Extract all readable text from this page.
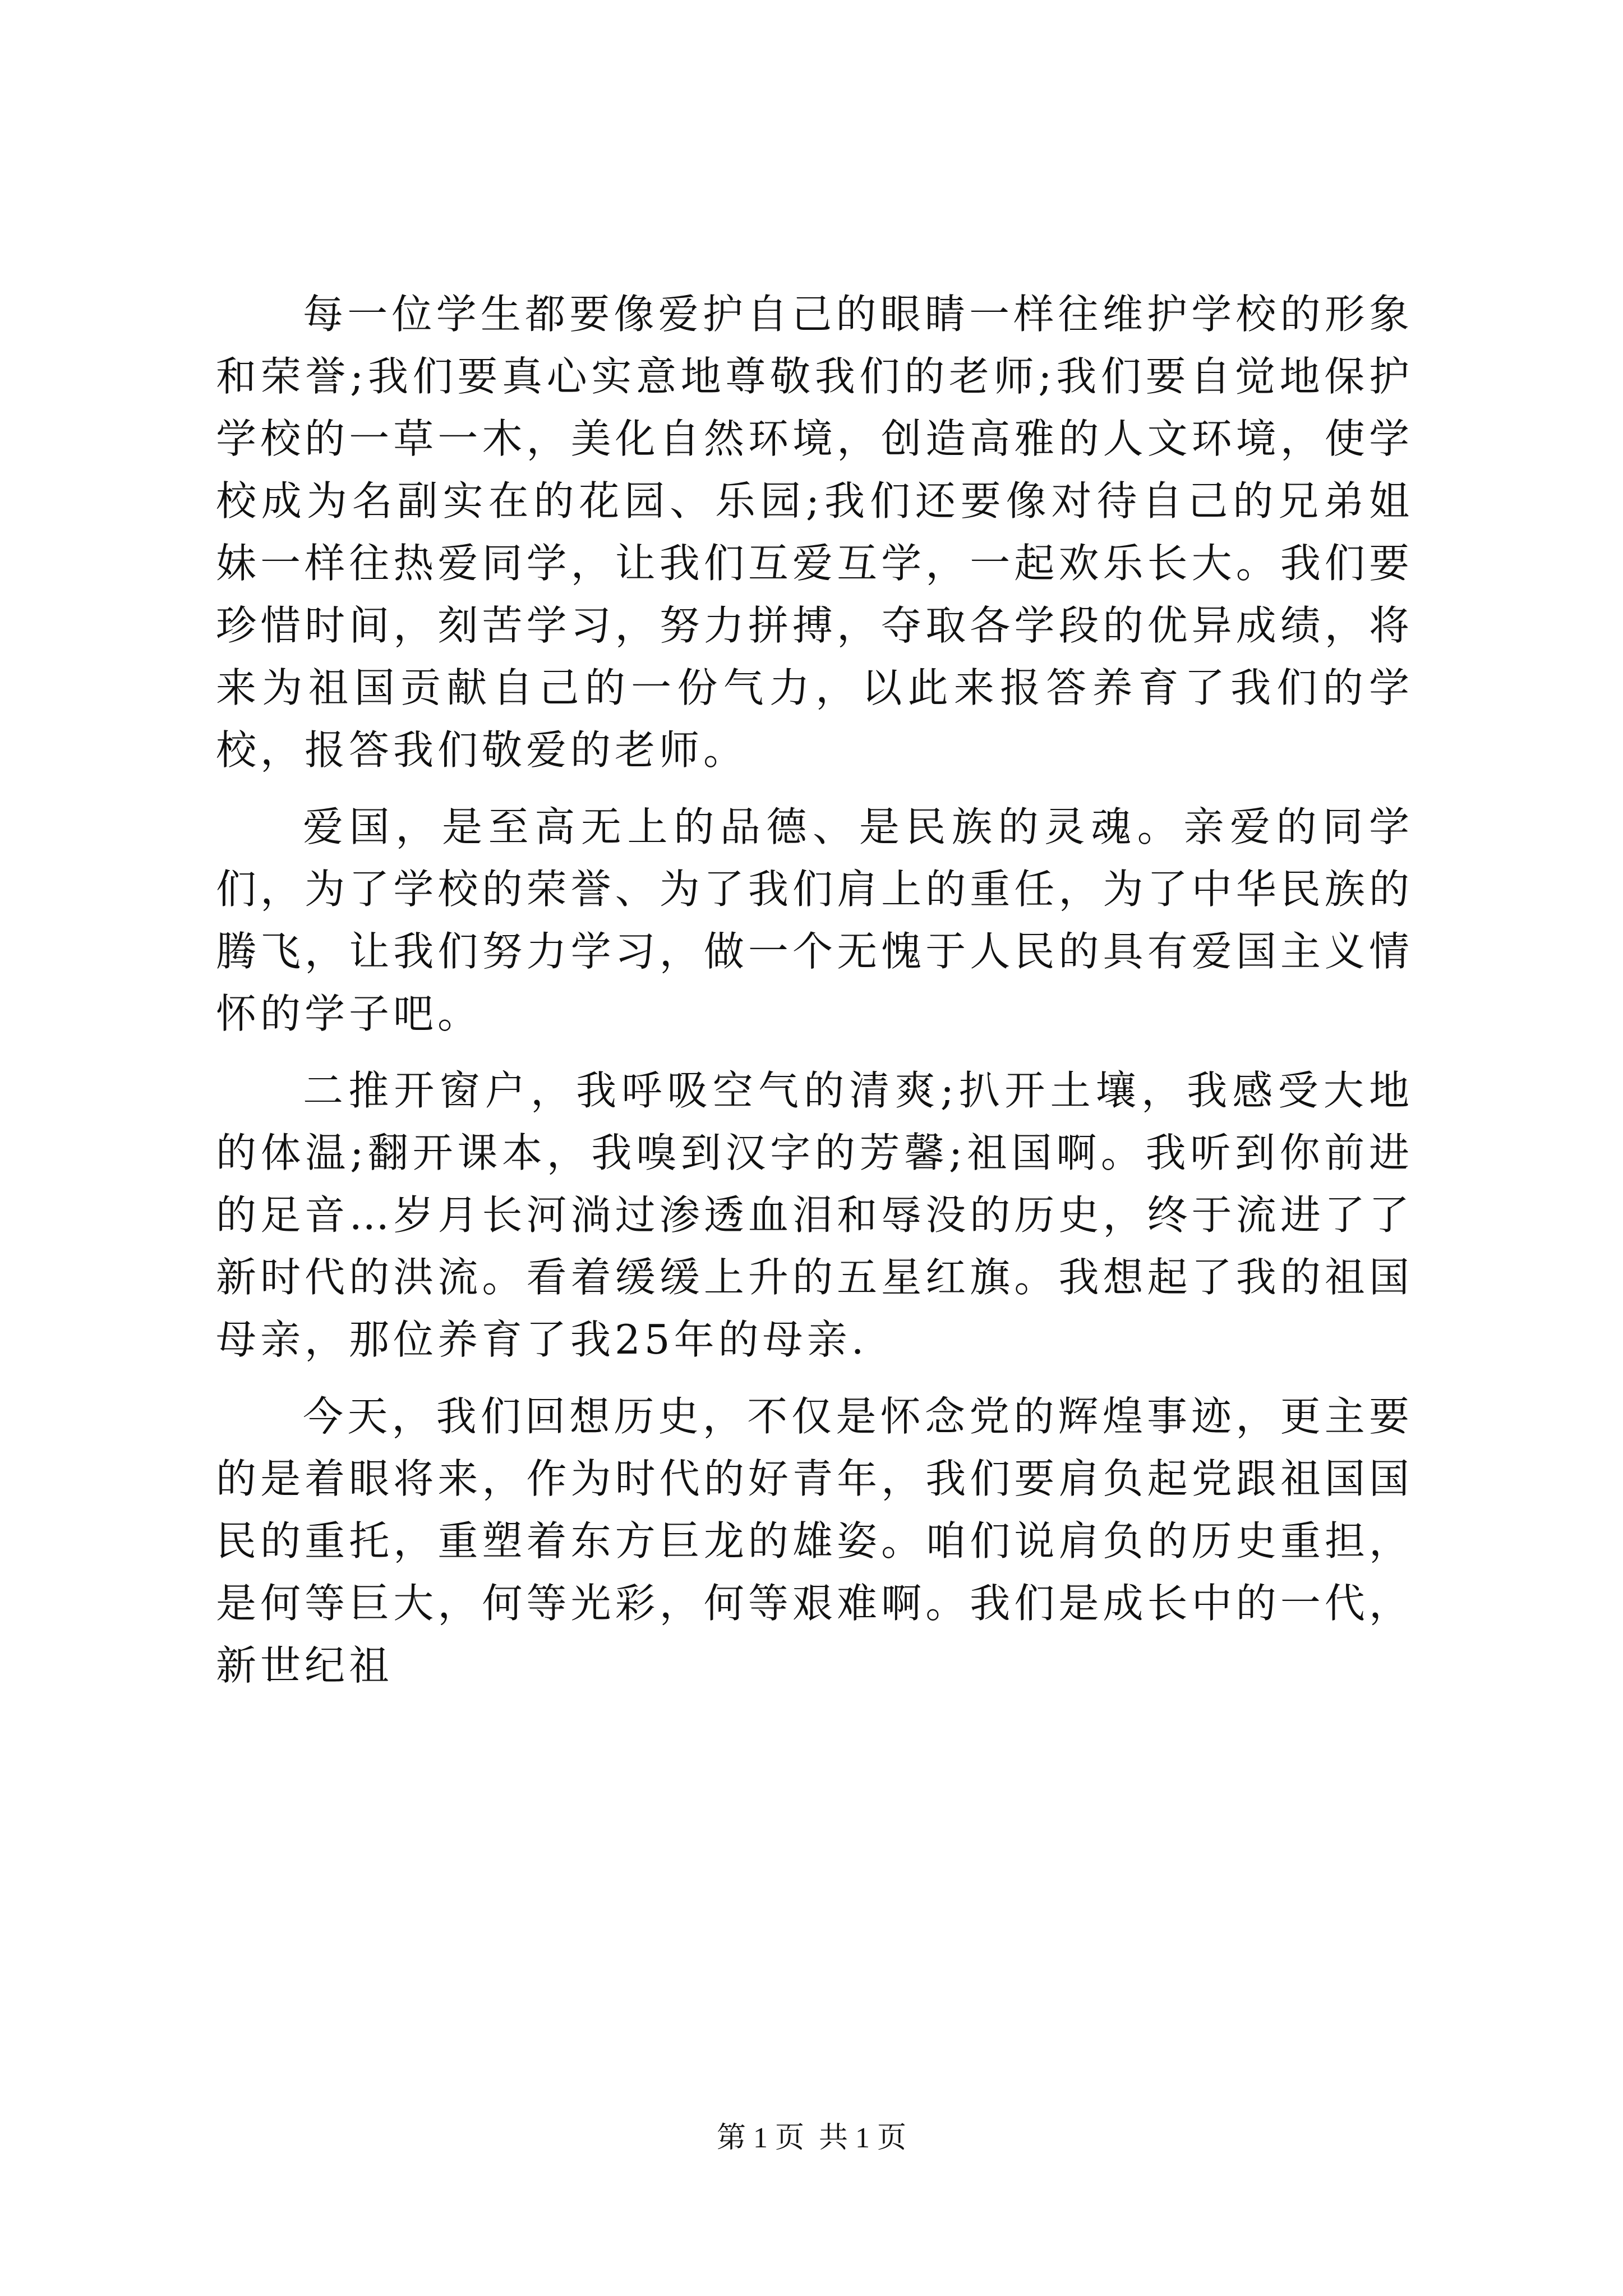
每一位学生都要像爱护自己的眼睛一样往维护学校的形象和荣誉;我们要真心实意地尊敬我们的老师;我们要自觉地保护学校的一草一木，美化自然环境，创造高雅的人文环境，使学校成为名副实在的花园、乐园;我们还要像对待自己的兄弟姐妹一样往热爱同学，让我们互爱互学，一起欢乐长大。我们要珍惜时间，刻苦学习，努力拼搏，夺取各学段的优异成绩，将来为祖国贡献自己的一份气力，以此来报答养育了我们的学校，报答我们敬爱的老师。

爱国，是至高无上的品德、是民族的灵魂。亲爱的同学们，为了学校的荣誉、为了我们肩上的重任，为了中华民族的腾飞，让我们努力学习，做一个无愧于人民的具有爱国主义情怀的学子吧。

二推开窗户，我呼吸空气的清爽;扒开土壤，我感受大地的体温;翻开课本，我嗅到汉字的芳馨;祖国啊。我听到你前进的足音…岁月长河淌过渗透血泪和辱没的历史，终于流进了了新时代的洪流。看着缓缓上升的五星红旗。我想起了我的祖国母亲，那位养育了我25年的母亲.

今天，我们回想历史，不仅是怀念党的辉煌事迹，更主要的是着眼将来，作为时代的好青年，我们要肩负起党跟祖国国民的重托，重塑着东方巨龙的雄姿。咱们说肩负的历史重担，是何等巨大，何等光彩，何等艰难啊。我们是成长中的一代，新世纪祖

第 1 页  共 1 页
